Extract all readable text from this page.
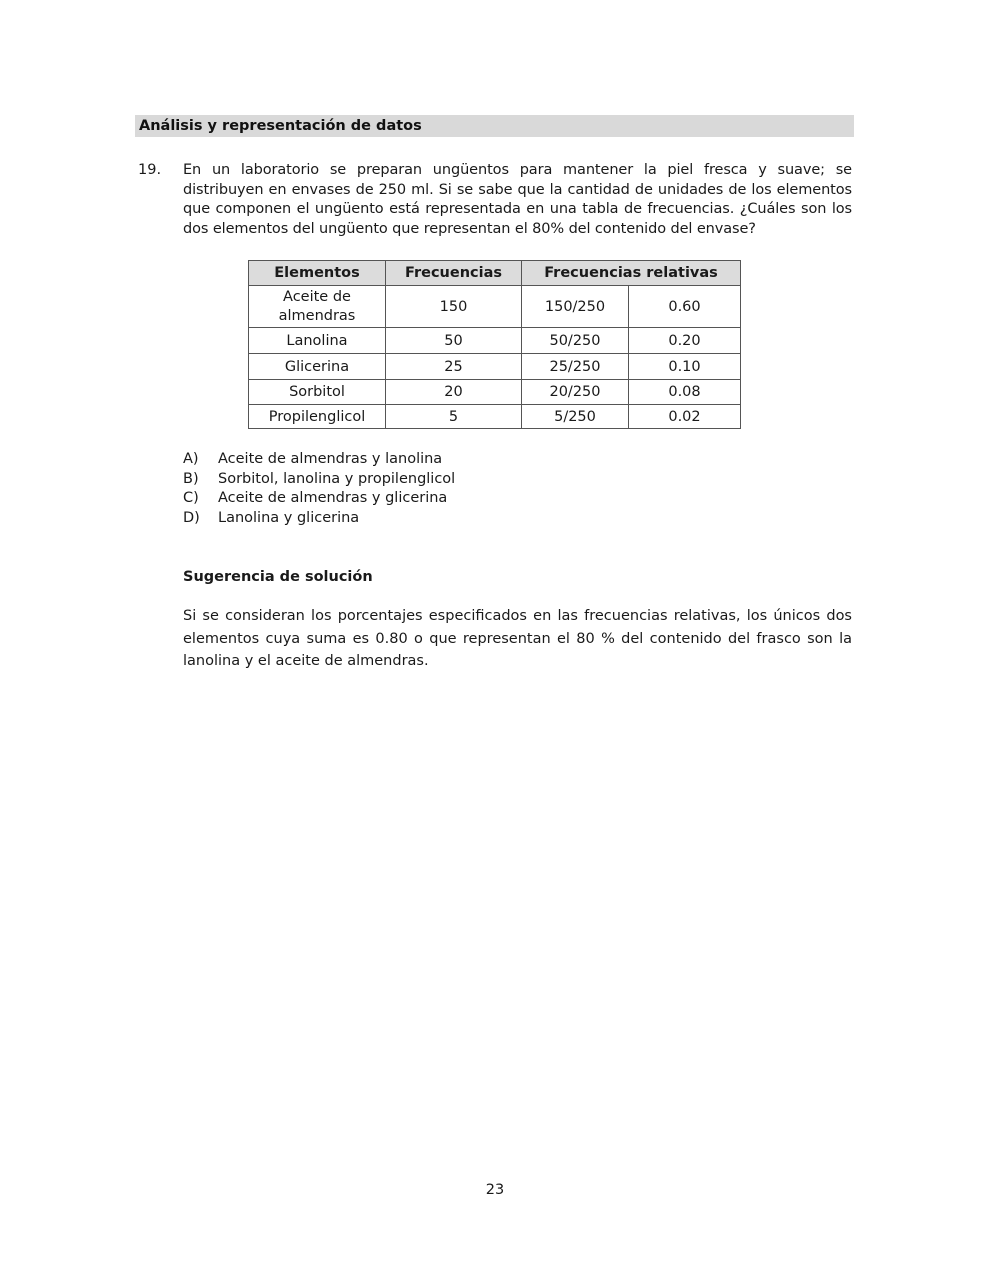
Análisis y representación de datos
19. En un laboratorio se preparan ungüentos para mantener la piel fresca y suave; se distribuyen en envases de 250 ml. Si se sabe que la cantidad de unidades de los elementos que componen el ungüento está representada en una tabla de frecuencias. ¿Cuáles son los dos elementos del ungüento que representan el 80% del contenido del envase?
Elementos	Frecuencias	Frecuencias relativas	
Aceite de almendras	150	150/250	0.60
Lanolina	50	50/250	0.20
Glicerina	25	25/250	0.10
Sorbitol	20	20/250	0.08
Propilenglicol	5	5/250	0.02
A) Aceite de almendras y lanolina
B) Sorbitol, lanolina y propilenglicol
C) Aceite de almendras y glicerina
D) Lanolina y glicerina
Sugerencia de solución
Si se consideran los porcentajes especificados en las frecuencias relativas, los únicos dos elementos cuya suma es 0.80 o que representan el 80 % del contenido del frasco son la lanolina y el aceite de almendras.
23
